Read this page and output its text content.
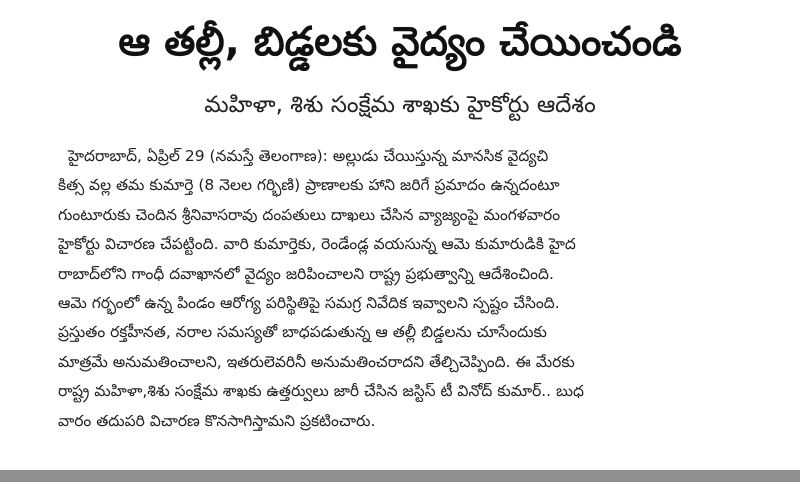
ఆ తల్లీ, బిడ్డలకు వైద్యం చేయించండి
మహిళా, శిశు సంక్షేమ శాఖకు హైకోర్టు ఆదేశం
హైదరాబాద్, ఏప్రిల్ 29 (నమస్తే తెలంగాణ): అల్లుడు చేయిస్తున్న మానసిక వైద్యచి
కిత్స వల్ల తమ కుమార్తె (8 నెలల గర్భిణి) ప్రాణాలకు హాని జరిగే ప్రమాదం ఉన్నదంటూ
గుంటూరుకు చెందిన శ్రీనివాసరావు దంపతులు దాఖలు చేసిన వ్యాజ్యంపై మంగళవారం
హైకోర్టు విచారణ చేపట్టింది. వారి కుమార్తెకు, రెండేండ్ల వయసున్న ఆమె కుమారుడికి హైద
రాబాద్‌లోని గాంధీ దవాఖానలో వైద్యం జరిపించాలని రాష్ట్ర ప్రభుత్వాన్ని ఆదేశించింది.
ఆమె గర్భంలో ఉన్న పిండం ఆరోగ్య పరిస్థితిపై సమగ్ర నివేదిక ఇవ్వాలని స్పష్టం చేసింది.
ప్రస్తుతం రక్తహీనత, నరాల సమస్యతో బాధపడుతున్న ఆ తల్లీ బిడ్డలను చూసేందుకు
మాత్రమే అనుమతించాలని, ఇతరులెవరినీ అనుమతించరాదని తేల్చిచెప్పింది. ఈ మేరకు
రాష్ట్ర మహిళా,శిశు సంక్షేమ శాఖకు ఉత్తర్వులు జారీ చేసిన జస్టిస్ టీ వినోద్ కుమార్.. బుధ
వారం తదుపరి విచారణ కొనసాగిస్తామని ప్రకటించారు.
